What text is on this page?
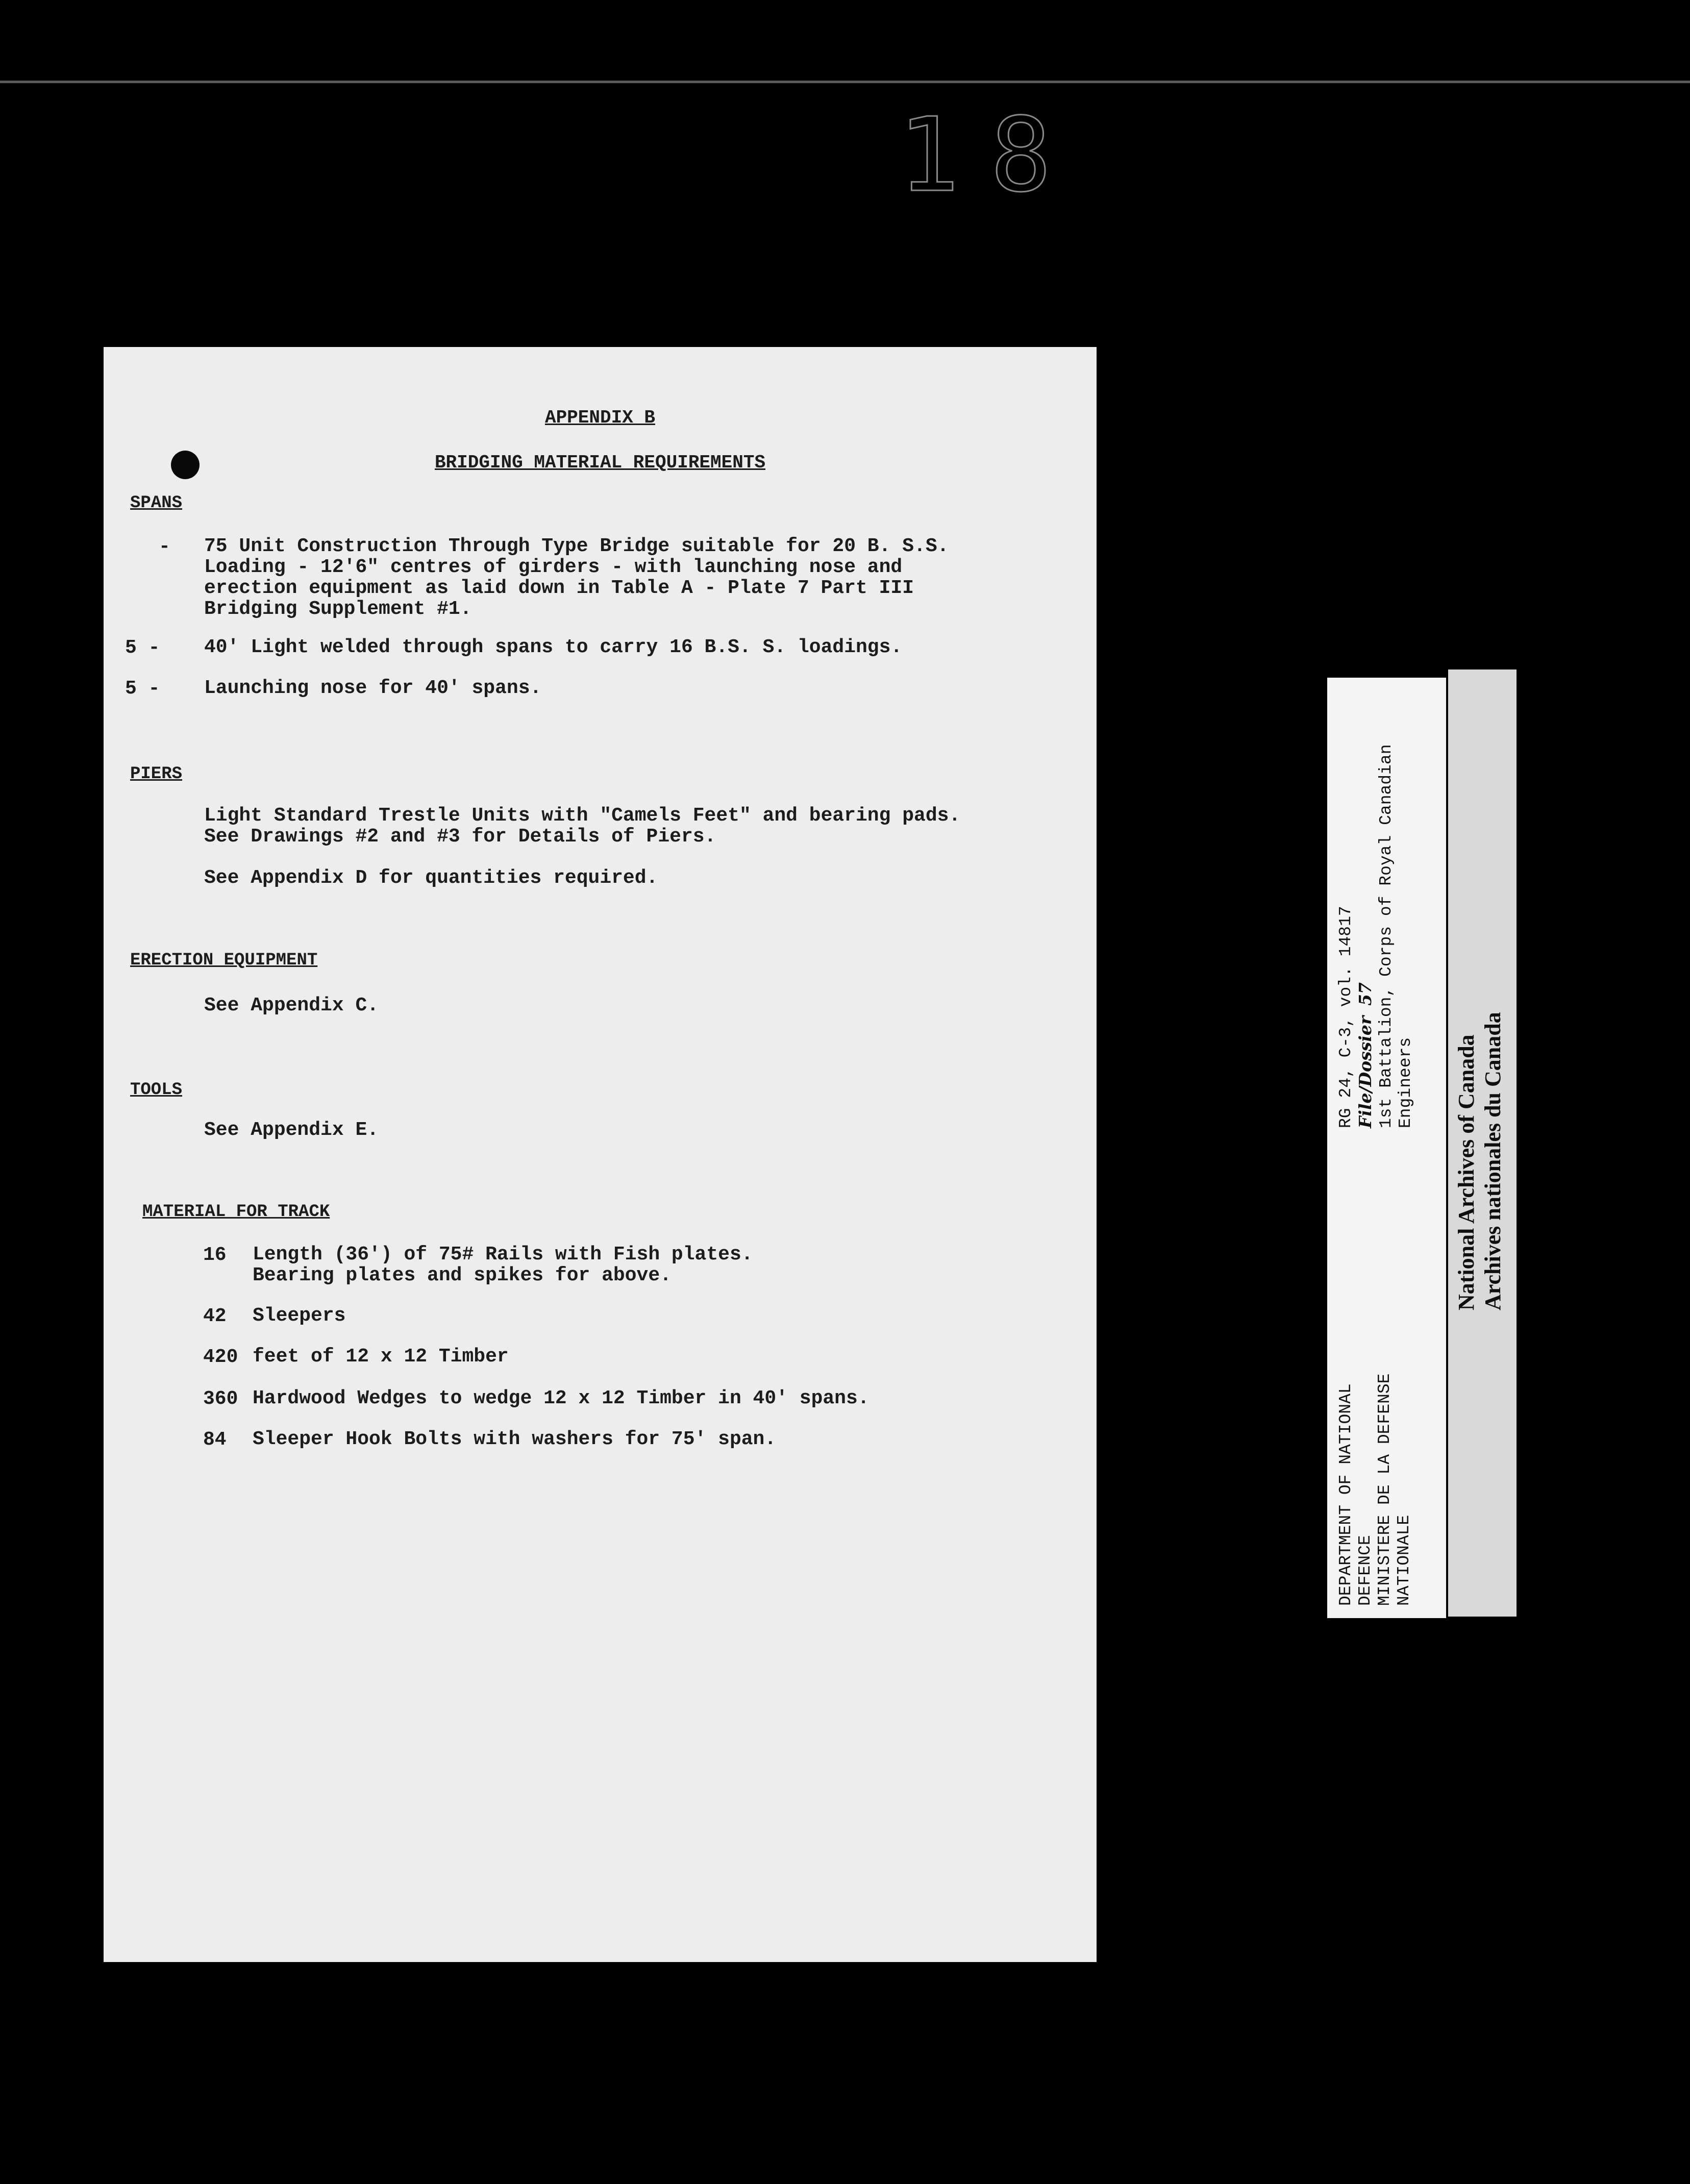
18
APPENDIX B
BRIDGING MATERIAL REQUIREMENTS
SPANS
- 75 Unit Construction Through Type Bridge suitable for 20 B. S.S.
Loading - 12'6" centres of girders - with launching nose and
erection equipment as laid down in Table A - Plate 7 Part III
Bridging Supplement #1.
5 - 40' Light welded through spans to carry 16 B.S. S. loadings.
5 - Launching nose for 40' spans.
PIERS
Light Standard Trestle Units with "Camels Feet" and bearing pads.
See Drawings #2 and #3 for Details of Piers.
See Appendix D for quantities required.
ERECTION EQUIPMENT
See Appendix C.
TOOLS
See Appendix E.
MATERIAL FOR TRACK
16	Length (36') of 75# Rails with Fish plates.
Bearing plates and spikes for above.
42	Sleepers
420 feet of 12 x 12 Timber
360 Hardwood Wedges to wedge 12 x 12 Timber in 40' spans.
84	Sleeper Hook Bolts with washers for 75' span.
DEPARTMENT OF NATIONAL
DEFENCE
MINISTERE DE LA DEFENSE
NATIONALE
RG 24, C-3, vol. 14817
File/Dossier 57
1st Battalion, Corps of Royal Canadian
Engineers National Archives of Canada Archives nationales du Canada
